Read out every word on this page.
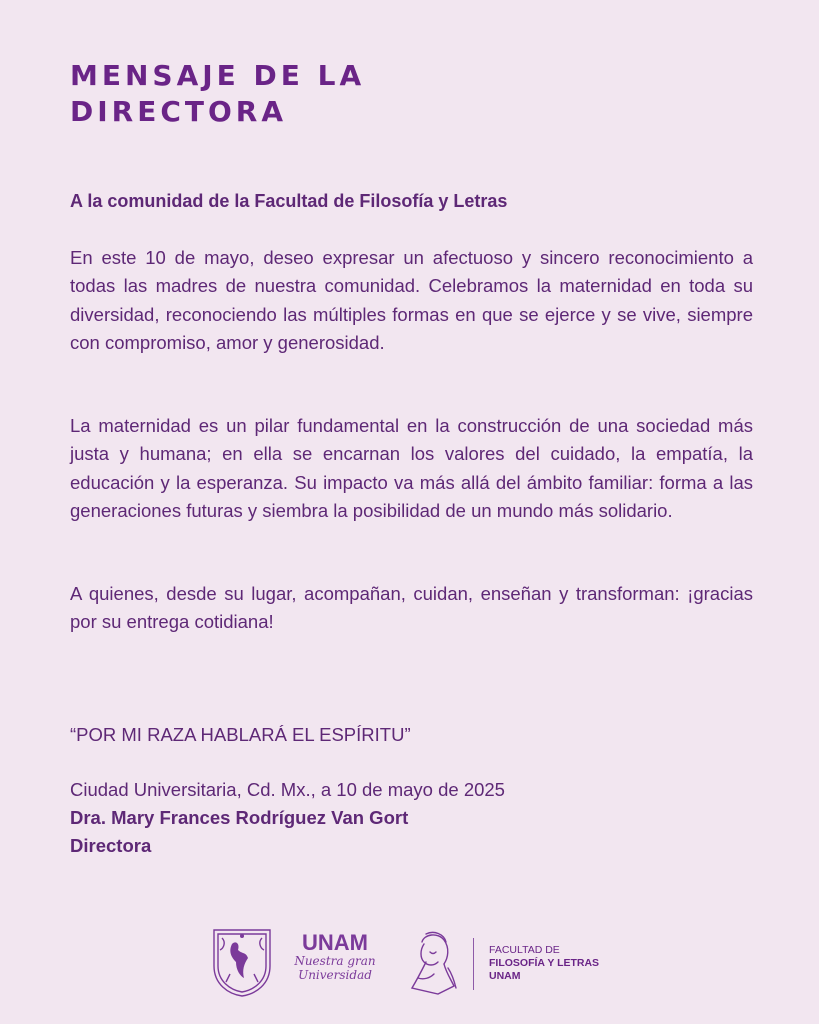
MENSAJE DE LA
DIRECTORA

A la comunidad de la Facultad de Filosofía y Letras

En este 10 de mayo, deseo expresar un afectuoso y sincero reconocimiento a todas las madres de nuestra comunidad. Celebramos la maternidad en toda su diversidad, reconociendo las múltiples formas en que se ejerce y se vive, siempre con compromiso, amor y generosidad.

La maternidad es un pilar fundamental en la construcción de una sociedad más justa y humana; en ella se encarnan los valores del cuidado, la empatía, la educación y la esperanza. Su impacto va más allá del ámbito familiar: forma a las generaciones futuras y siembra la posibilidad de un mundo más solidario.

A quienes, desde su lugar, acompañan, cuidan, enseñan y transforman: ¡gracias por su entrega cotidiana!

“POR MI RAZA HABLARÁ EL ESPÍRITU”

Ciudad Universitaria, Cd. Mx., a 10 de mayo de 2025
Dra. Mary Frances Rodríguez Van Gort
Directora
UNAM
Nuestra gran
Universidad
FACULTAD DE
FILOSOFÍA Y LETRAS
UNAM
